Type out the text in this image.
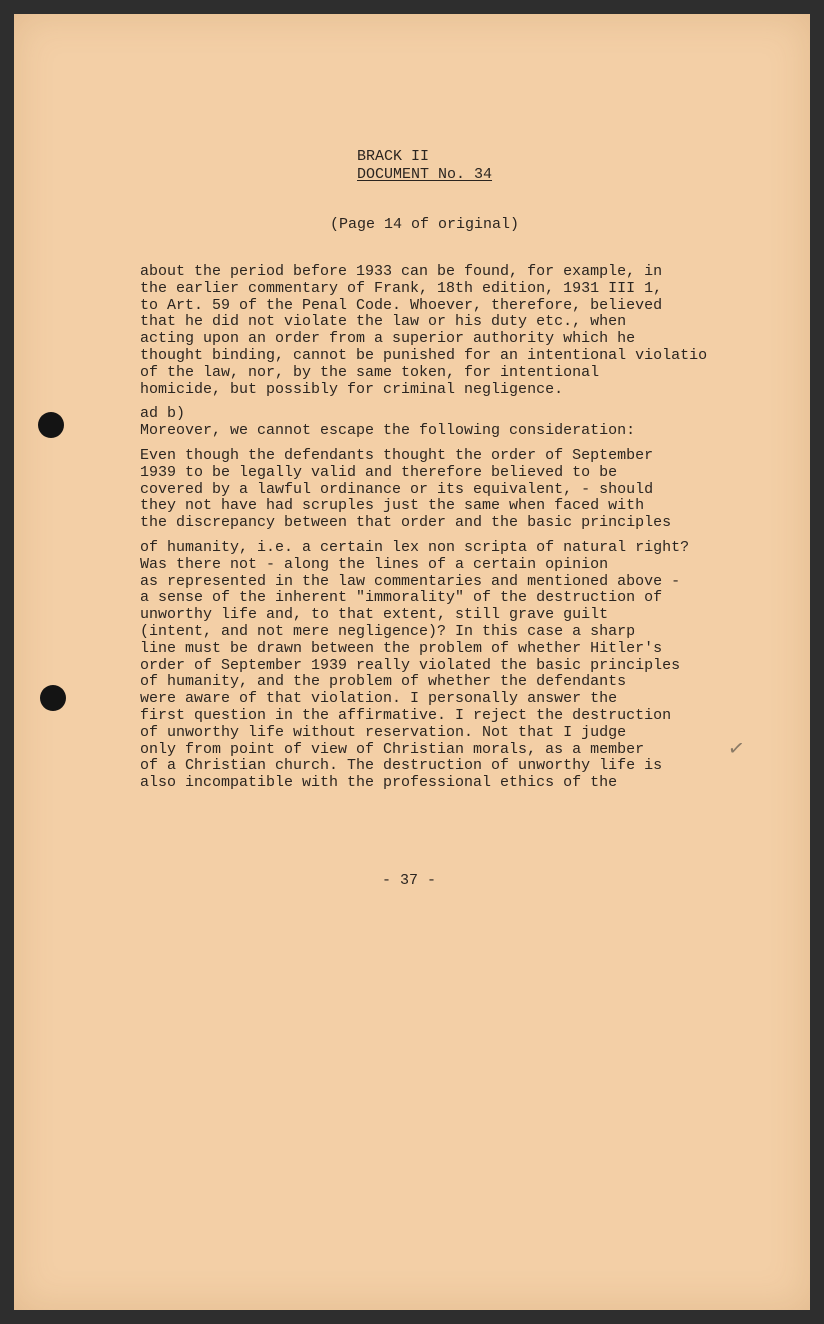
BRACK II
DOCUMENT No. 34
(Page 14 of original)
about the period before 1933 can be found, for example, in
the earlier commentary of Frank, 18th edition, 1931 III 1,
to Art. 59 of the Penal Code. Whoever, therefore, believed
that he did not violate the law or his duty etc., when
acting upon an order from a superior authority which he
thought binding, cannot be punished for an intentional violatio
of the law, nor, by the same token, for intentional
homicide, but possibly for criminal negligence.
ad b)
Moreover, we cannot escape the following consideration:
Even though the defendants thought the order of September
1939 to be legally valid and therefore believed to be
covered by a lawful ordinance or its equivalent, - should
they not have had scruples just the same when faced with
the discrepancy between that order and the basic principles
of humanity, i.e. a certain lex non scripta of natural right?
Was there not - along the lines of a certain opinion
as represented in the law commentaries and mentioned above -
a sense of the inherent "immorality" of the destruction of
unworthy life and, to that extent, still grave guilt
(intent, and not mere negligence)? In this case a sharp
line must be drawn between the problem of whether Hitler's
order of September 1939 really violated the basic principles
of humanity, and the problem of whether the defendants
were aware of that violation. I personally answer the
first question in the affirmative. I reject the destruction
of unworthy life without reservation. Not that I judge
only from point of view of Christian morals, as a member
of a Christian church. The destruction of unworthy life is
also incompatible with the professional ethics of the
✓
- 37 -
